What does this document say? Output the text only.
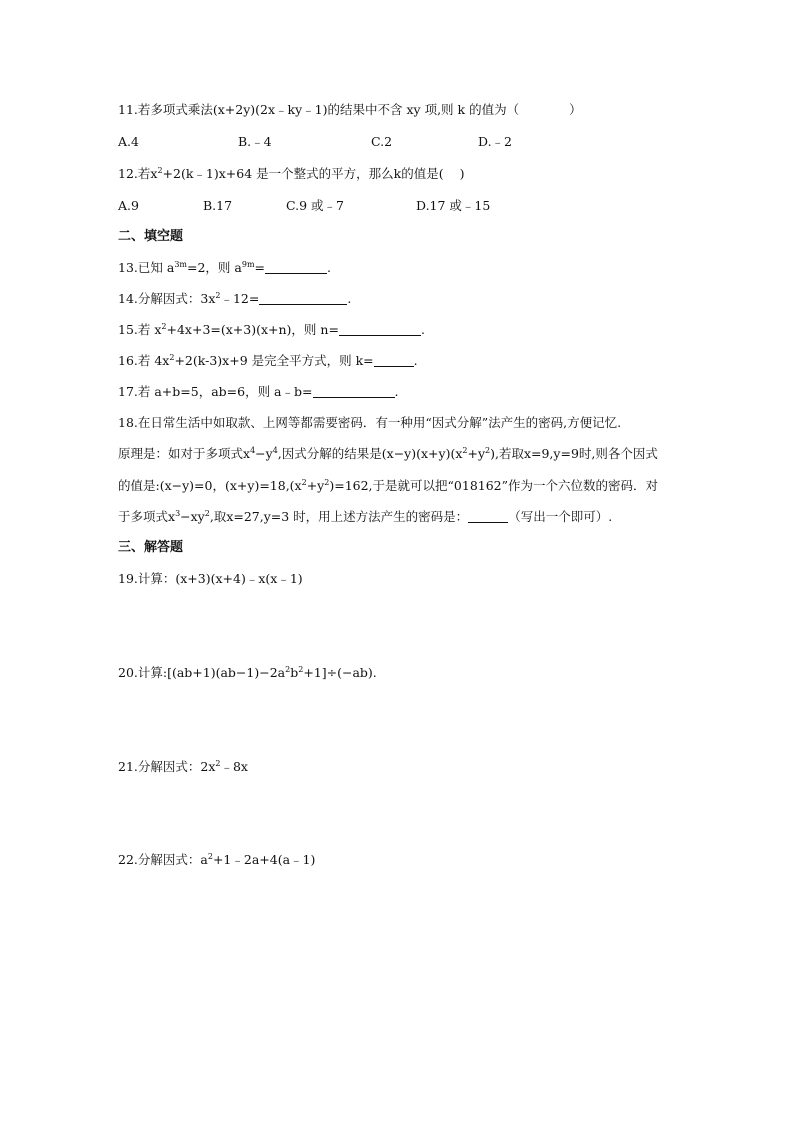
11.若多项式乘法(x+2y)(2x﹣ky﹣1)的结果中不含 xy 项,则 k 的值为（	）
A.4	B.﹣4	C.2	D.﹣2
12.若$x^2+2(k﹣1)x+64$ 是一个整式的平方，那么k的值是( )
A.9	B.17	C.9 或﹣7	D.17 或﹣15
二、填空题
13.已知 $a^{3m}=2$，则 $a^{9m}=$	.
14.分解因式：$3x^2﹣12=$	.
15.若 $x^2+4x+3=(x+3)(x+n)$，则 n=	.
16.若 $4x^2+2(k-3)x+9$ 是完全平方式，则 k=	.
17.若 a+b=5，ab=6，则 a﹣b=	.
18.在日常生活中如取款、上网等都需要密码．有一种用“因式分解”法产生的密码,方便记忆.
原理是：如对于多项式$x^4-y^4$,因式分解的结果是$(x-y)(x+y)(x^2+y^2)$,若取x=9,y=9时,则各个因式
的值是:(x−y)=0，$(x+y)=18,(x^2+y^2)=162$,于是就可以把“018162”作为一个六位数的密码．对
于多项式$x^3-xy^2$,取x=27,y=3 时，用上述方法产生的密码是：	（写出一个即可）.
三、解答题
19.计算：(x+3)(x+4)﹣x(x﹣1)
20.计算$:[(ab+1)(ab-1)-2a^2b^2+1]\div(-ab)$.
21.分解因式：$2x^2﹣8x$
22.分解因式：$a^2+1﹣2a+4(a﹣1)$
